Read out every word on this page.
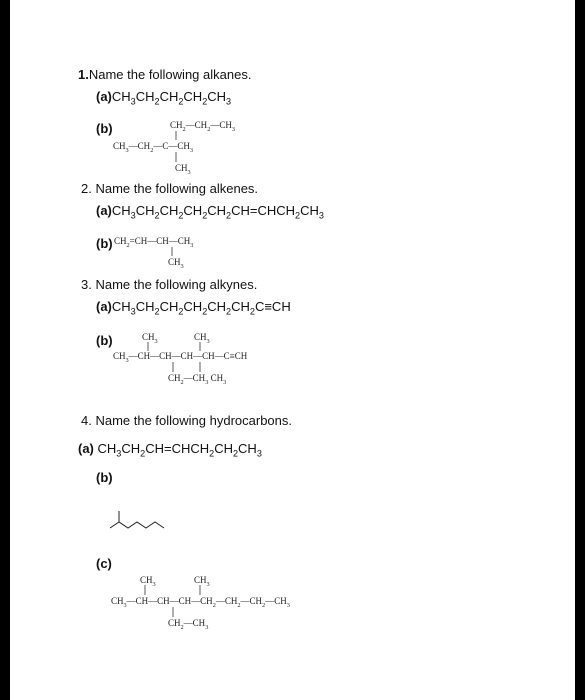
1.Name the following alkanes.
$(a)CH_3CH_2CH_2CH_2CH_3$
(b)	$CH_2—CH_2—CH_3$
$CH_3—CH_2—C—CH_3$
$CH_3$
2. Name the following alkenes.
$(a)CH_3CH_2CH_2CH_2CH_2CH=CHCH_2CH_3$
(b) $CH_2=CH—CH—CH_3$
$CH_3$
3. Name the following alkynes.
$(a)CH_3CH_2CH_2CH_2CH_2CH_2C\equiv CH$
(b)	$CH_3$	$CH_3$
$CH_3—CH—CH—CH—CH—C\equiv CH$
$CH_2—CH_3$ $CH_3$
4. Name the following hydrocarbons.
(a) $CH_3CH_2CH=CHCH_2CH_2CH_3$
(b)
(c)
$CH_3$	$CH_3$
$CH_3—CH—CH—CH—CH_2—CH_2—CH_2—CH_3$
$CH_2—CH_3$
